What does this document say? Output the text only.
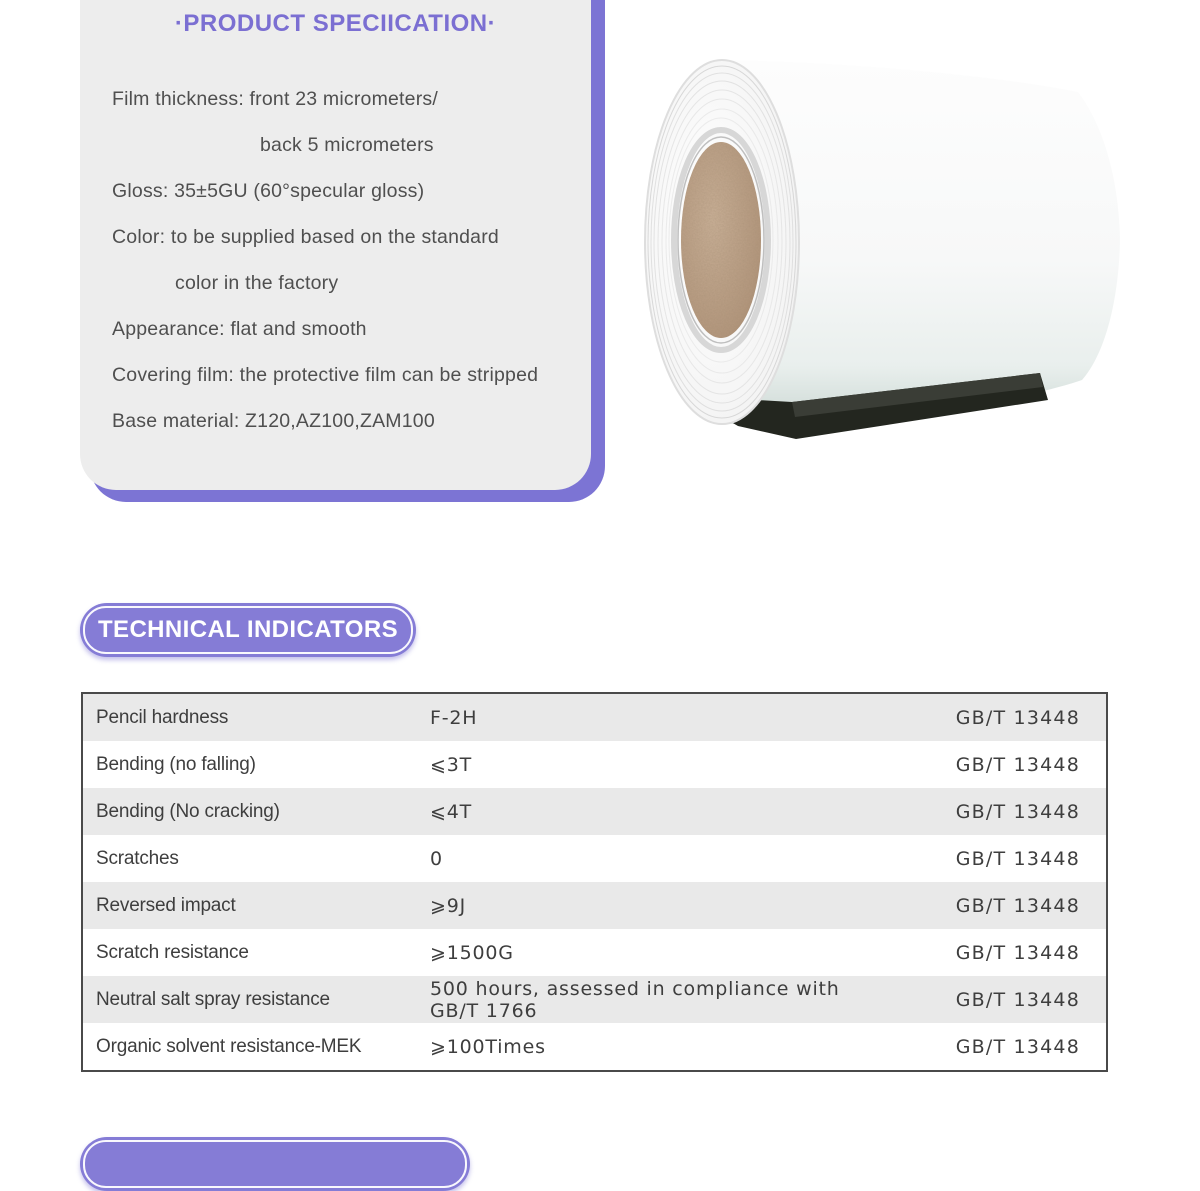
·PRODUCT SPECIICATION·
Film thickness: front 23 micrometers/
back 5 micrometers
Gloss: 35±5GU (60°specular gloss)
Color: to be supplied based on the standard
color in the factory
Appearance: flat and smooth
Covering film: the protective film can be stripped
Base material: Z120,AZ100,ZAM100
TECHNICAL INDICATORS
Pencil hardness	F-2H	GB/T 13448
Bending (no falling)	⩽3T	GB/T 13448
Bending (No cracking)	⩽4T	GB/T 13448
Scratches	0	GB/T 13448
Reversed impact	⩾9J	GB/T 13448
Scratch resistance	⩾1500G	GB/T 13448
Neutral salt spray resistance	500 hours, assessed in compliance with GB/T 1766	GB/T 13448
Organic solvent resistance-MEK	⩾100Times	GB/T 13448
